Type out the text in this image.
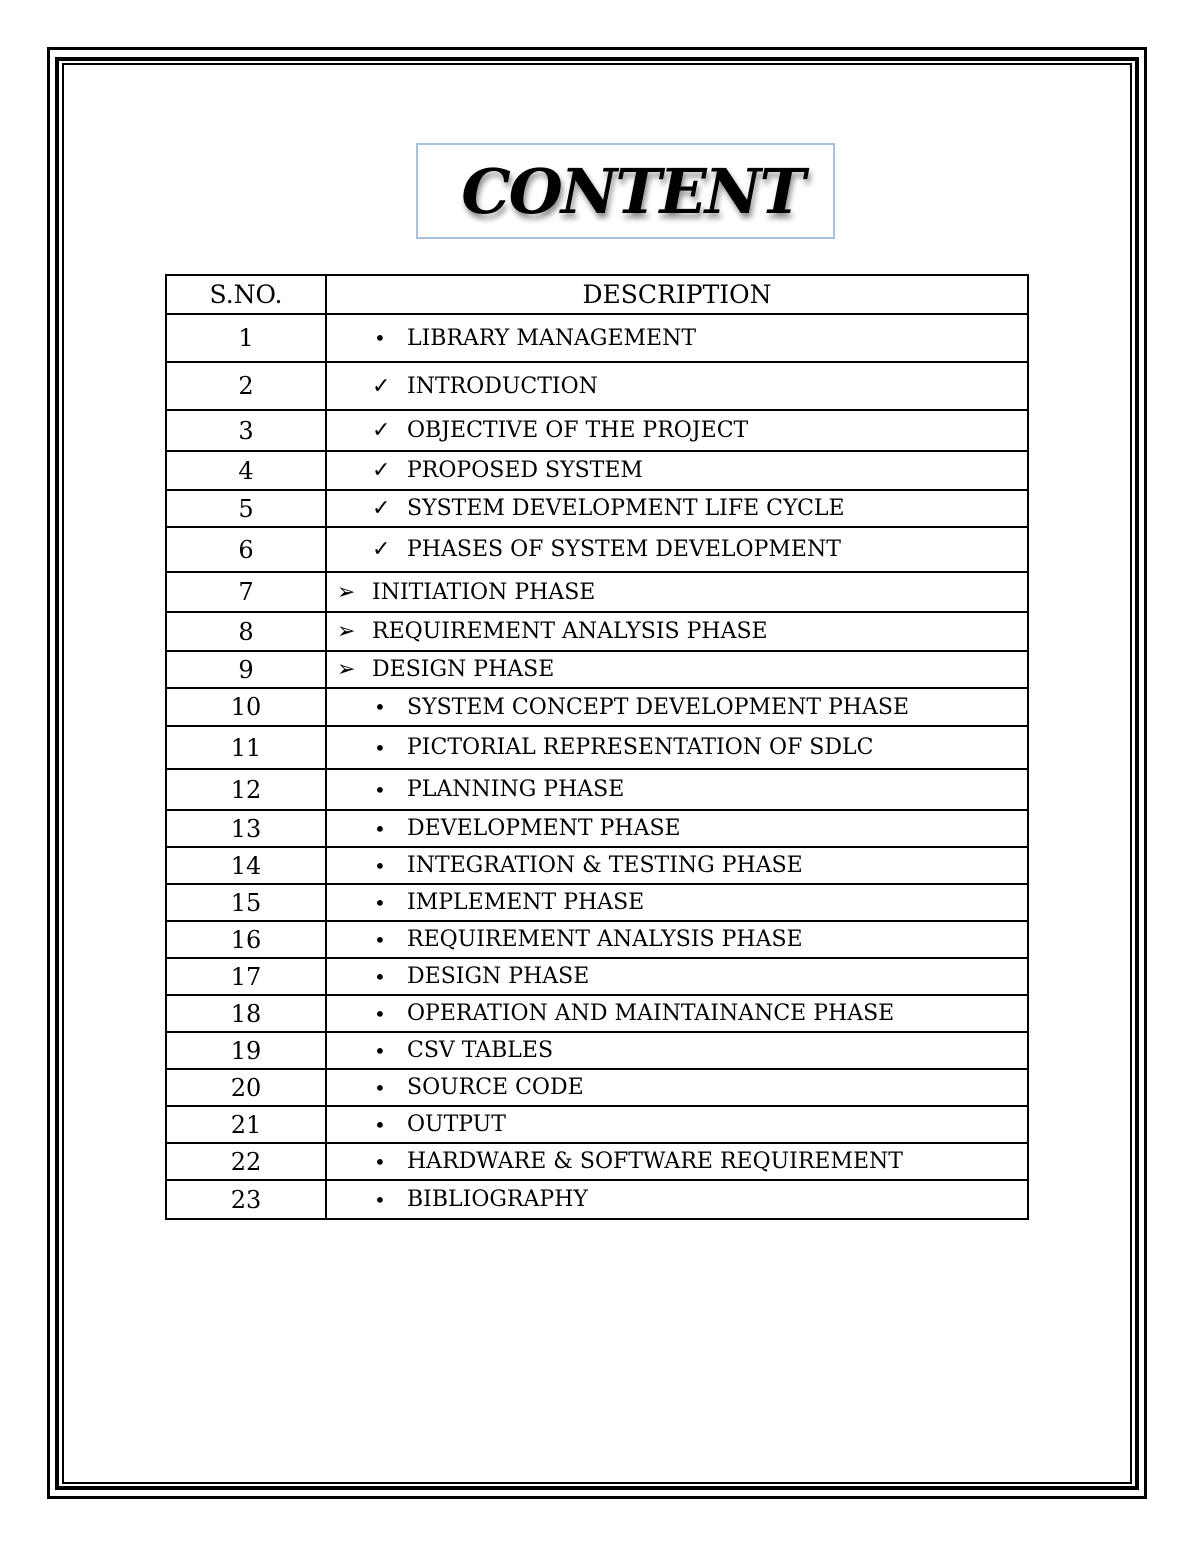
CONTENT
S.NO.	DESCRIPTION
1	• LIBRARY MANAGEMENT

2	✓ INTRODUCTION

3	✓ OBJECTIVE OF THE PROJECT

4	✓ PROPOSED SYSTEM

5	✓ SYSTEM DEVELOPMENT LIFE CYCLE

6	✓ PHASES OF SYSTEM DEVELOPMENT

7	➢ INITIATION PHASE

8	➢ REQUIREMENT ANALYSIS PHASE

9	➢ DESIGN PHASE

10	• SYSTEM CONCEPT DEVELOPMENT PHASE

11	• PICTORIAL REPRESENTATION OF SDLC

12	• PLANNING PHASE

13	• DEVELOPMENT PHASE

14	• INTEGRATION & TESTING PHASE

15	• IMPLEMENT PHASE

16	• REQUIREMENT ANALYSIS PHASE

17	• DESIGN PHASE

18	• OPERATION AND MAINTAINANCE PHASE

19	• CSV TABLES

20	• SOURCE CODE

21	• OUTPUT

22	• HARDWARE & SOFTWARE REQUIREMENT

23	• BIBLIOGRAPHY
